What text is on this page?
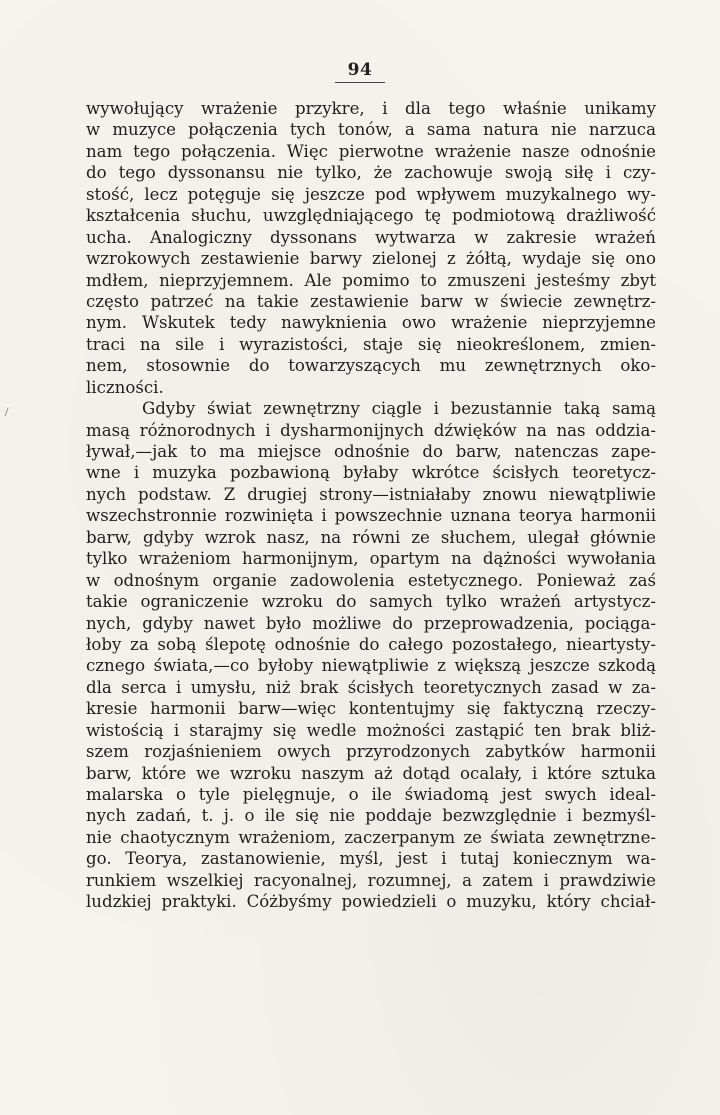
94
wywołujący wrażenie przykre, i dla tego właśnie unikamy
w muzyce połączenia tych tonów, a sama natura nie narzuca
nam tego połączenia. Więc pierwotne wrażenie nasze odnośnie
do tego dyssonansu nie tylko, że zachowuje swoją siłę i czy-
stość, lecz potęguje się jeszcze pod wpływem muzykalnego wy-
kształcenia słuchu, uwzględniającego tę podmiotową drażliwość
ucha. Analogiczny dyssonans wytwarza w zakresie wrażeń
wzrokowych zestawienie barwy zielonej z żółtą, wydaje się ono
mdłem, nieprzyjemnem. Ale pomimo to zmuszeni jesteśmy zbyt
często patrzeć na takie zestawienie barw w świecie zewnętrz-
nym. Wskutek tedy nawyknienia owo wrażenie nieprzyjemne
traci na sile i wyrazistości, staje się nieokreślonem, zmien-
nem, stosownie do towarzyszących mu zewnętrznych oko-
liczności.
Gdyby świat zewnętrzny ciągle i bezustannie taką samą
masą różnorodnych i dysharmonijnych dźwięków na nas oddzia-
ływał,—jak to ma miejsce odnośnie do barw, natenczas zape-
wne i muzyka pozbawioną byłaby wkrótce ścisłych teoretycz-
nych podstaw. Z drugiej strony—istniałaby znowu niewątpliwie
wszechstronnie rozwinięta i powszechnie uznana teorya harmonii
barw, gdyby wzrok nasz, na równi ze słuchem, ulegał głównie
tylko wrażeniom harmonijnym, opartym na dążności wywołania
w odnośnym organie zadowolenia estetycznego. Ponieważ zaś
takie ograniczenie wzroku do samych tylko wrażeń artystycz-
nych, gdyby nawet było możliwe do przeprowadzenia, pociąga-
łoby za sobą ślepotę odnośnie do całego pozostałego, nieartysty-
cznego świata,—co byłoby niewątpliwie z większą jeszcze szkodą
dla serca i umysłu, niż brak ścisłych teoretycznych zasad w za-
kresie harmonii barw—więc kontentujmy się faktyczną rzeczy-
wistością i starajmy się wedle możności zastąpić ten brak bliż-
szem rozjaśnieniem owych przyrodzonych zabytków harmonii
barw, które we wzroku naszym aż dotąd ocalały, i które sztuka
malarska o tyle pielęgnuje, o ile świadomą jest swych ideal-
nych zadań, t. j. o ile się nie poddaje bezwzględnie i bezmyśl-
nie chaotycznym wrażeniom, zaczerpanym ze świata zewnętrzne-
go. Teorya, zastanowienie, myśl, jest i tutaj koniecznym wa-
runkiem wszelkiej racyonalnej, rozumnej, a zatem i prawdziwie
ludzkiej praktyki. Cóżbyśmy powiedzieli o muzyku, który chciał-
